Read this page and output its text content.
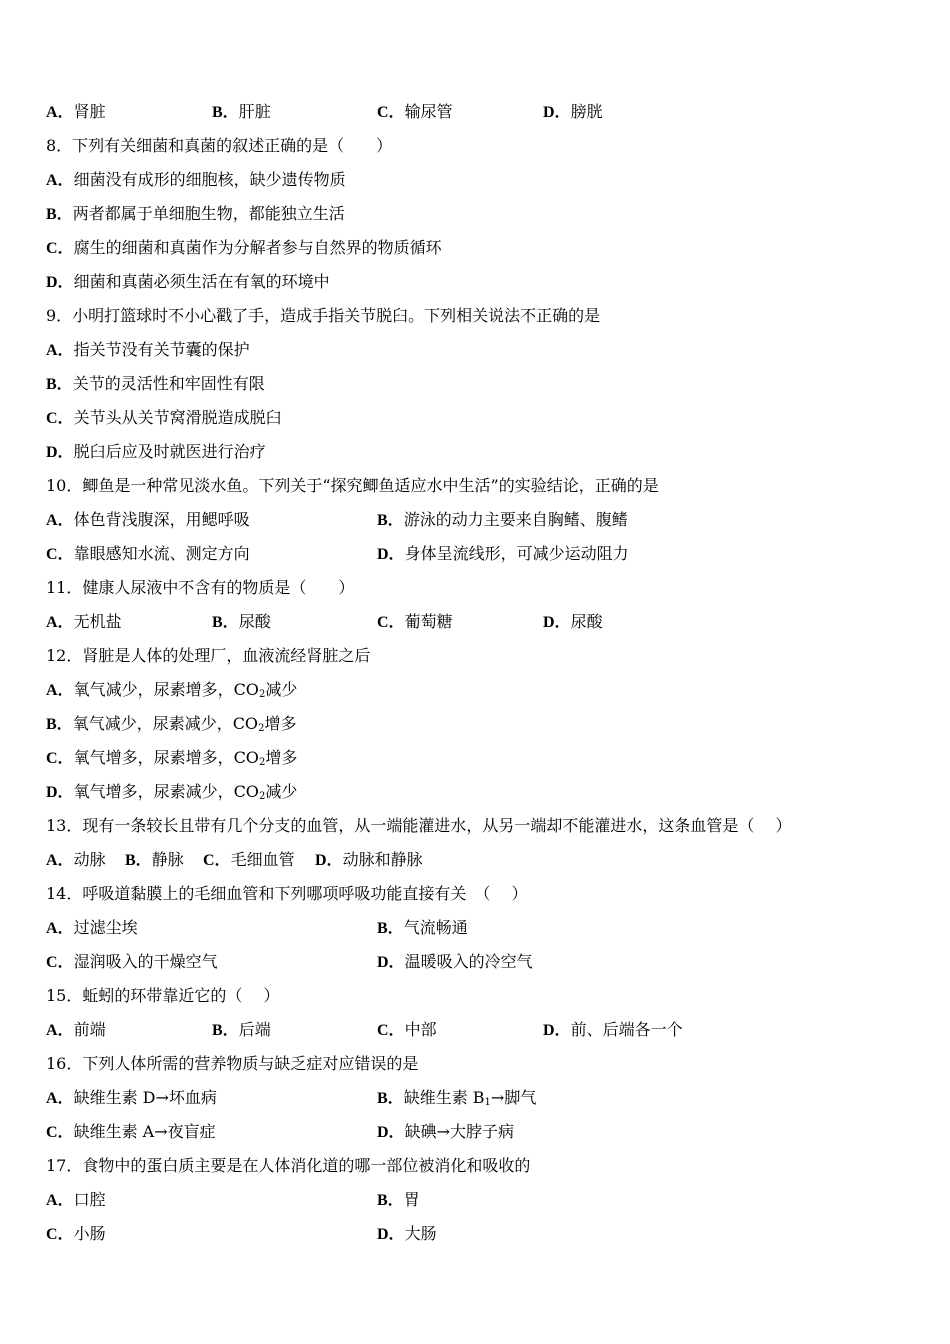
A．肾脏	B．肝脏	C．输尿管	D．膀胱
8．下列有关细菌和真菌的叙述正确的是（　　）
A．细菌没有成形的细胞核，缺少遗传物质
B．两者都属于单细胞生物，都能独立生活
C．腐生的细菌和真菌作为分解者参与自然界的物质循环
D．细菌和真菌必须生活在有氧的环境中
9．小明打篮球时不小心戳了手，造成手指关节脱臼。下列相关说法不正确的是
A．指关节没有关节囊的保护
B．关节的灵活性和牢固性有限
C．关节头从关节窝滑脱造成脱臼
D．脱臼后应及时就医进行治疗
10．鲫鱼是一种常见淡水鱼。下列关于“探究鲫鱼适应水中生活”的实验结论，正确的是
A．体色背浅腹深，用鳃呼吸	B．游泳的动力主要来自胸鳍、腹鳍
C．靠眼感知水流、测定方向	D．身体呈流线形，可减少运动阻力
11．健康人尿液中不含有的物质是（　　）
A．无机盐	B．尿酸	C．葡萄糖	D．尿酸
12．肾脏是人体的处理厂，血液流经肾脏之后
A．氧气减少，尿素增多，$CO_2$减少
B．氧气减少，尿素减少，$CO_2$增多
C．氧气增多，尿素增多，$CO_2$增多
D．氧气增多，尿素减少，$CO_2$减少
13．现有一条较长且带有几个分支的血管，从一端能灌进水，从另一端却不能灌进水，这条血管是（　 ）
A．动脉 B．静脉 C．毛细血管 D．动脉和静脉
14．呼吸道黏膜上的毛细血管和下列哪项呼吸功能直接有关　（　 ）
A．过滤尘埃	B．气流畅通
C．湿润吸入的干燥空气	D．温暖吸入的冷空气
15．蚯蚓的环带靠近它的（　 ）
A．前端	B．后端	C．中部	D．前、后端各一个
16．下列人体所需的营养物质与缺乏症对应错误的是
A．缺维生素 D→坏血病	B．缺维生素 $B_1\to$脚气
C．缺维生素 A→夜盲症	D．缺碘→大脖子病
17．食物中的蛋白质主要是在人体消化道的哪一部位被消化和吸收的
A．口腔	B．胃
C．小肠	D．大肠
